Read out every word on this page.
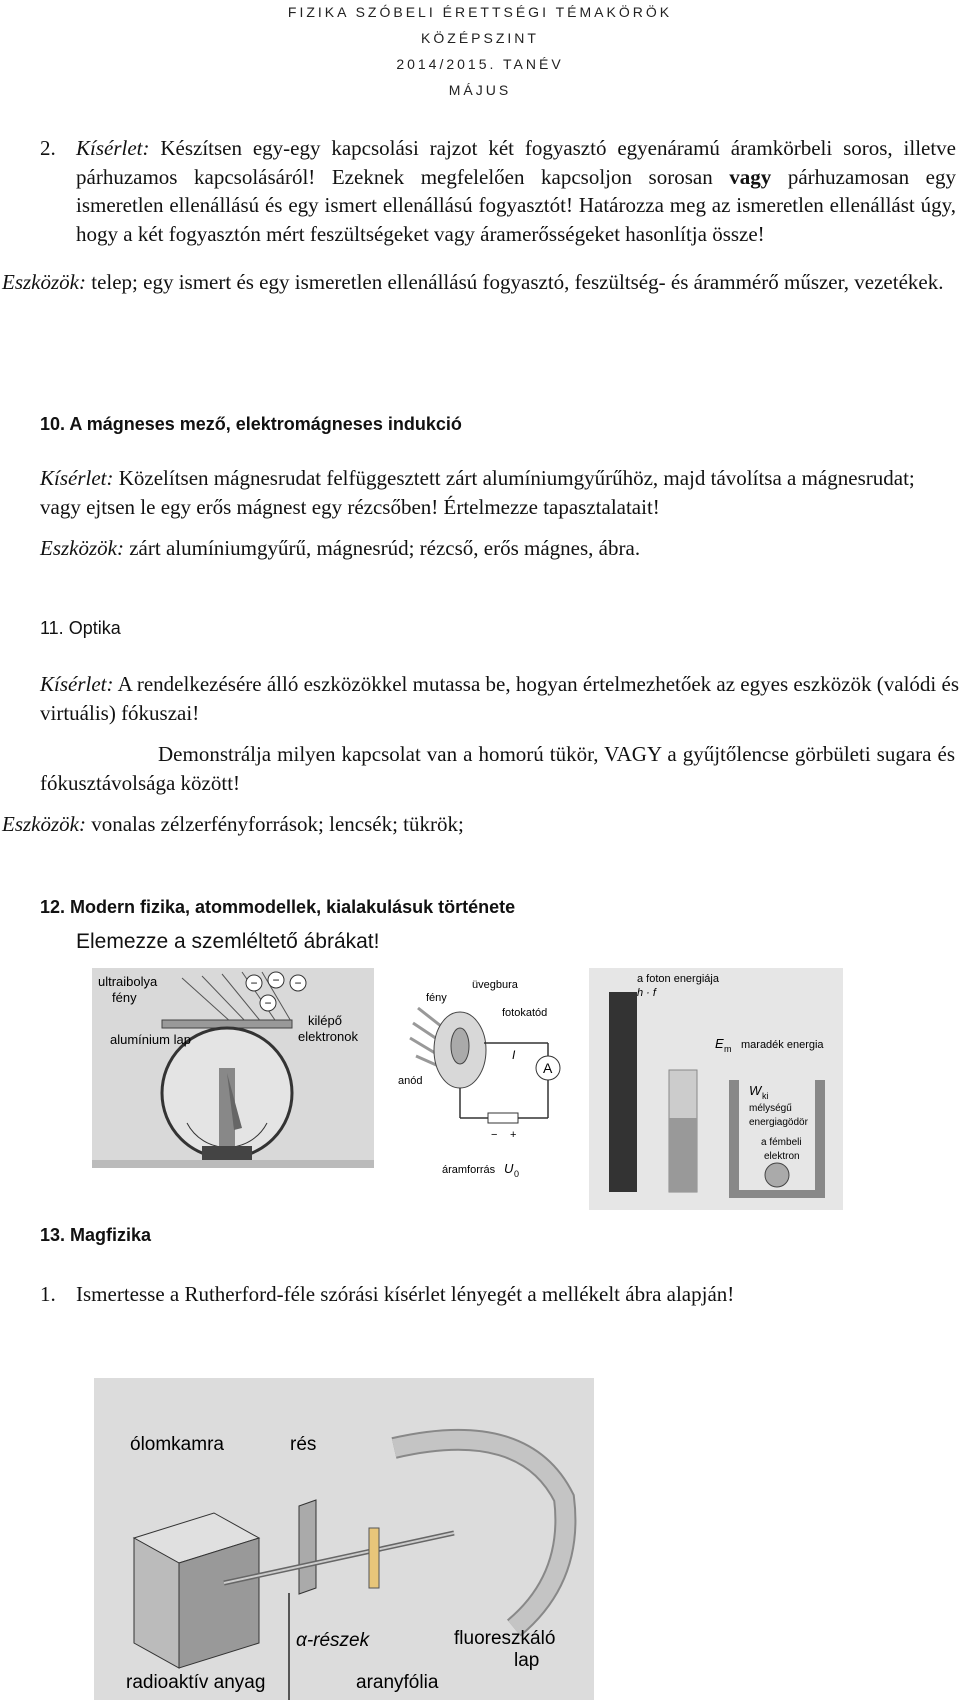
FIZIKA SZÓBELI ÉRETTSÉGI TÉMAKÖRÖK
KÖZÉPSZINT
2014/2015. TANÉV
MÁJUS
2. Kísérlet: Készítsen egy-egy kapcsolási rajzot két fogyasztó egyenáramú áramkörbeli soros, illetve párhuzamos kapcsolásáról! Ezeknek megfelelően kapcsoljon sorosan vagy párhuzamosan egy ismeretlen ellenállású és egy ismert ellenállású fogyasztót! Határozza meg az ismeretlen ellenállást úgy, hogy a két fogyasztón mért feszültségeket vagy áramerősségeket hasonlítja össze!
Eszközök: telep; egy ismert és egy ismeretlen ellenállású fogyasztó, feszültség- és árammérő műszer, vezetékek.
10. A mágneses mező, elektromágneses indukció
Kísérlet: Közelítsen mágnesrudat felfüggesztett zárt alumíniumgyűrűhöz, majd távolítsa a mágnesrudat; vagy ejtsen le egy erős mágnest egy rézcsőben! Értelmezze tapasztalatait!
Eszközök: zárt alumíniumgyűrű, mágnesrúd; rézcső, erős mágnes, ábra.
11. Optika
Kísérlet: A rendelkezésére álló eszközökkel mutassa be, hogyan értelmezhetőek az egyes eszközök (valódi és virtuális) fókuszai!
Demonstrálja milyen kapcsolat van a homorú tükör, VAGY a gyűjtőlencse görbületi sugara és fókusztávolsága között!
Eszközök: vonalas zélzerfényforrások; lencsék; tükrök;
12. Modern fizika, atommodellek, kialakulásuk története
Elemezze a szemléltető ábrákat!
− − −
−
ultraibolya
fény
alumínium lap
kilépő
elektronok
fény
üvegbura
fotokatód
anód
I
A
− +
áramforrás U 0
a foton energiája
h · f
E m maradék energia
W ki
mélységű
energiagödör
a fémbeli
elektron
13. Magfizika
1. Ismertesse a Rutherford-féle szórási kísérlet lényegét a mellékelt ábra alapján!
ólomkamra	rés
α-részek	fluoreszkáló
lap
radioaktív anyag	aranyfólia
